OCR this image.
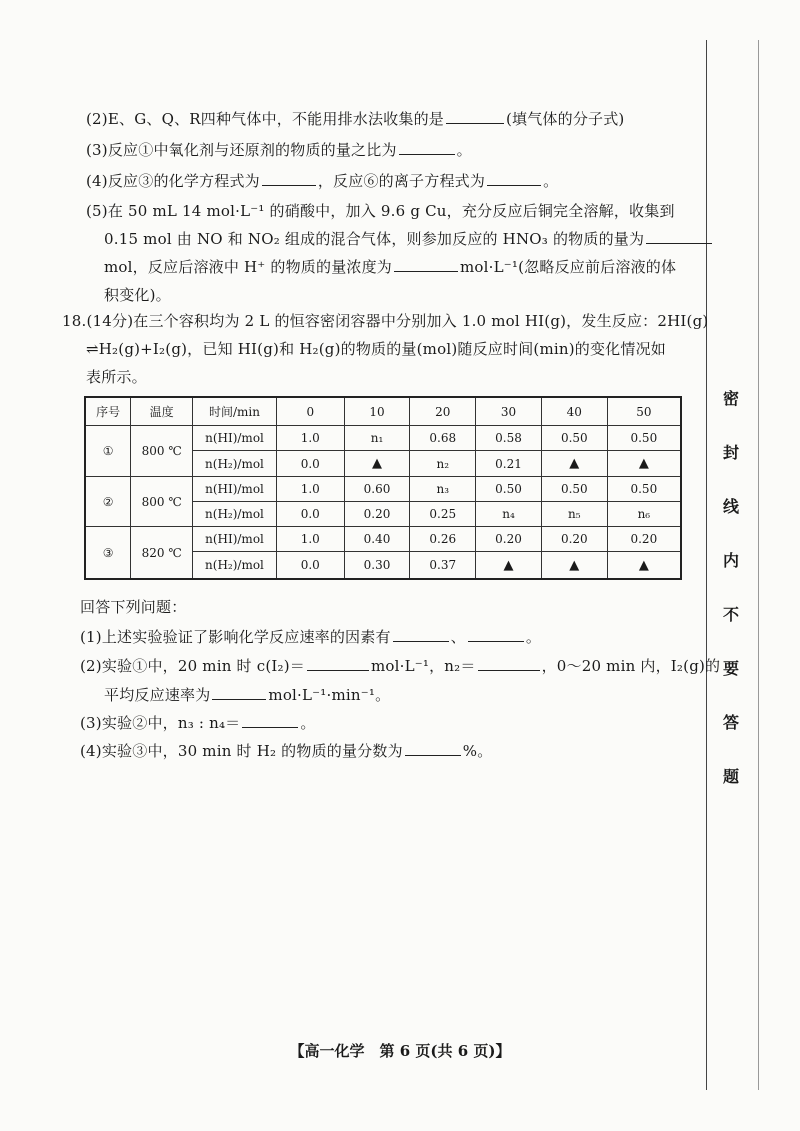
密
封
线
内
不
要
答
题
(2)E、G、Q、R四种气体中，不能用排水法收集的是	(填气体的分子式)
(3)反应①中氧化剂与还原剂的物质的量之比为	。
(4)反应③的化学方程式为	，反应⑥的离子方程式为	。
(5)在 50 mL 14 mol·L⁻¹ 的硝酸中，加入 9.6 g Cu，充分反应后铜完全溶解，收集到
0.15 mol 由 NO 和 NO₂ 组成的混合气体，则参加反应的 HNO₃ 的物质的量为
mol，反应后溶液中 H⁺ 的物质的量浓度为	mol·L⁻¹(忽略反应前后溶液的体
积变化)。
18.(14分)在三个容积均为 2 L 的恒容密闭容器中分别加入 1.0 mol HI(g)，发生反应：2HI(g)
⇌H₂(g)+I₂(g)，已知 HI(g)和 H₂(g)的物质的量(mol)随反应时间(min)的变化情况如
表所示。
序号	温度	时间/min	0	10	20	30	40	50
①	800 ℃	n(HI)/mol	1.0	n₁	0.68	0.58	0.50	0.50
		n(H₂)/mol	0.0	▲	n₂	0.21	▲	▲
②	800 ℃	n(HI)/mol	1.0	0.60	n₃	0.50	0.50	0.50
		n(H₂)/mol	0.0	0.20	0.25	n₄	n₅	n₆
③	820 ℃	n(HI)/mol	1.0	0.40	0.26	0.20	0.20	0.20
		n(H₂)/mol	0.0	0.30	0.37	▲	▲	▲
回答下列问题：
(1)上述实验验证了影响化学反应速率的因素有	、	。
(2)实验①中，20 min 时 c(I₂)＝	mol·L⁻¹，n₂＝	，0～20 min 内，I₂(g)的
平均反应速率为	mol·L⁻¹·min⁻¹。
(3)实验②中，n₃ : n₄＝	。
(4)实验③中，30 min 时 H₂ 的物质的量分数为	%。
【高一化学　第 6 页(共 6 页)】
